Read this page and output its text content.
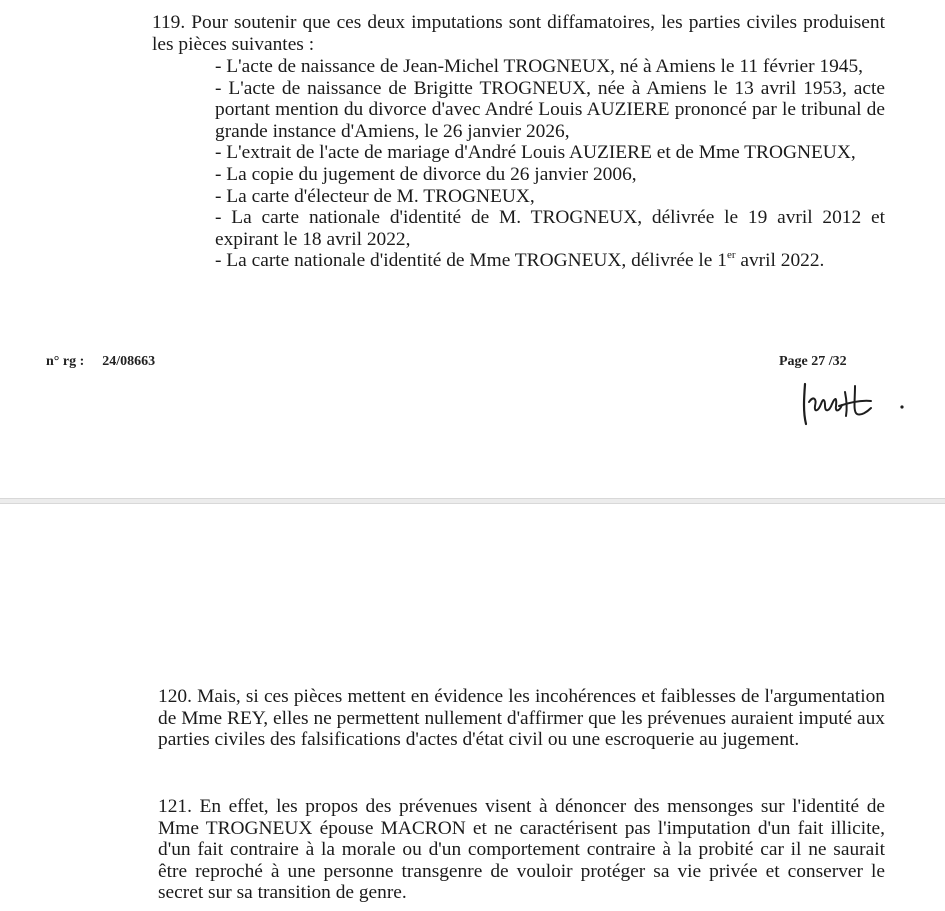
119. Pour soutenir que ces deux imputations sont diffamatoires, les parties civiles produisent les pièces suivantes :
- L'acte de naissance de Jean-Michel TROGNEUX, né à Amiens le 11 février 1945,
- L'acte de naissance de Brigitte TROGNEUX, née à Amiens le 13 avril 1953, acte portant mention du divorce d'avec André Louis AUZIERE prononcé par le tribunal de grande instance d'Amiens, le 26 janvier 2026,
- L'extrait de l'acte de mariage d'André Louis AUZIERE et de Mme TROGNEUX,
- La copie du jugement de divorce du 26 janvier 2006,
- La carte d'électeur de M. TROGNEUX,
- La carte nationale d'identité de M. TROGNEUX, délivrée le 19 avril 2012 et expirant le 18 avril 2022,
- La carte nationale d'identité de Mme TROGNEUX, délivrée le 1er avril 2022.
n° rg : 24/08663	Page 27 /32
120. Mais, si ces pièces mettent en évidence les incohérences et faiblesses de l'argumentation de Mme REY, elles ne permettent nullement d'affirmer que les prévenues auraient imputé aux parties civiles des falsifications d'actes d'état civil ou une escroquerie au jugement.
121. En effet, les propos des prévenues visent à dénoncer des mensonges sur l'identité de Mme TROGNEUX épouse MACRON et ne caractérisent pas l'imputation d'un fait illicite, d'un fait contraire à la morale ou d'un comportement contraire à la probité car il ne saurait être reproché à une personne transgenre de vouloir protéger sa vie privée et conserver le secret sur sa transition de genre.
